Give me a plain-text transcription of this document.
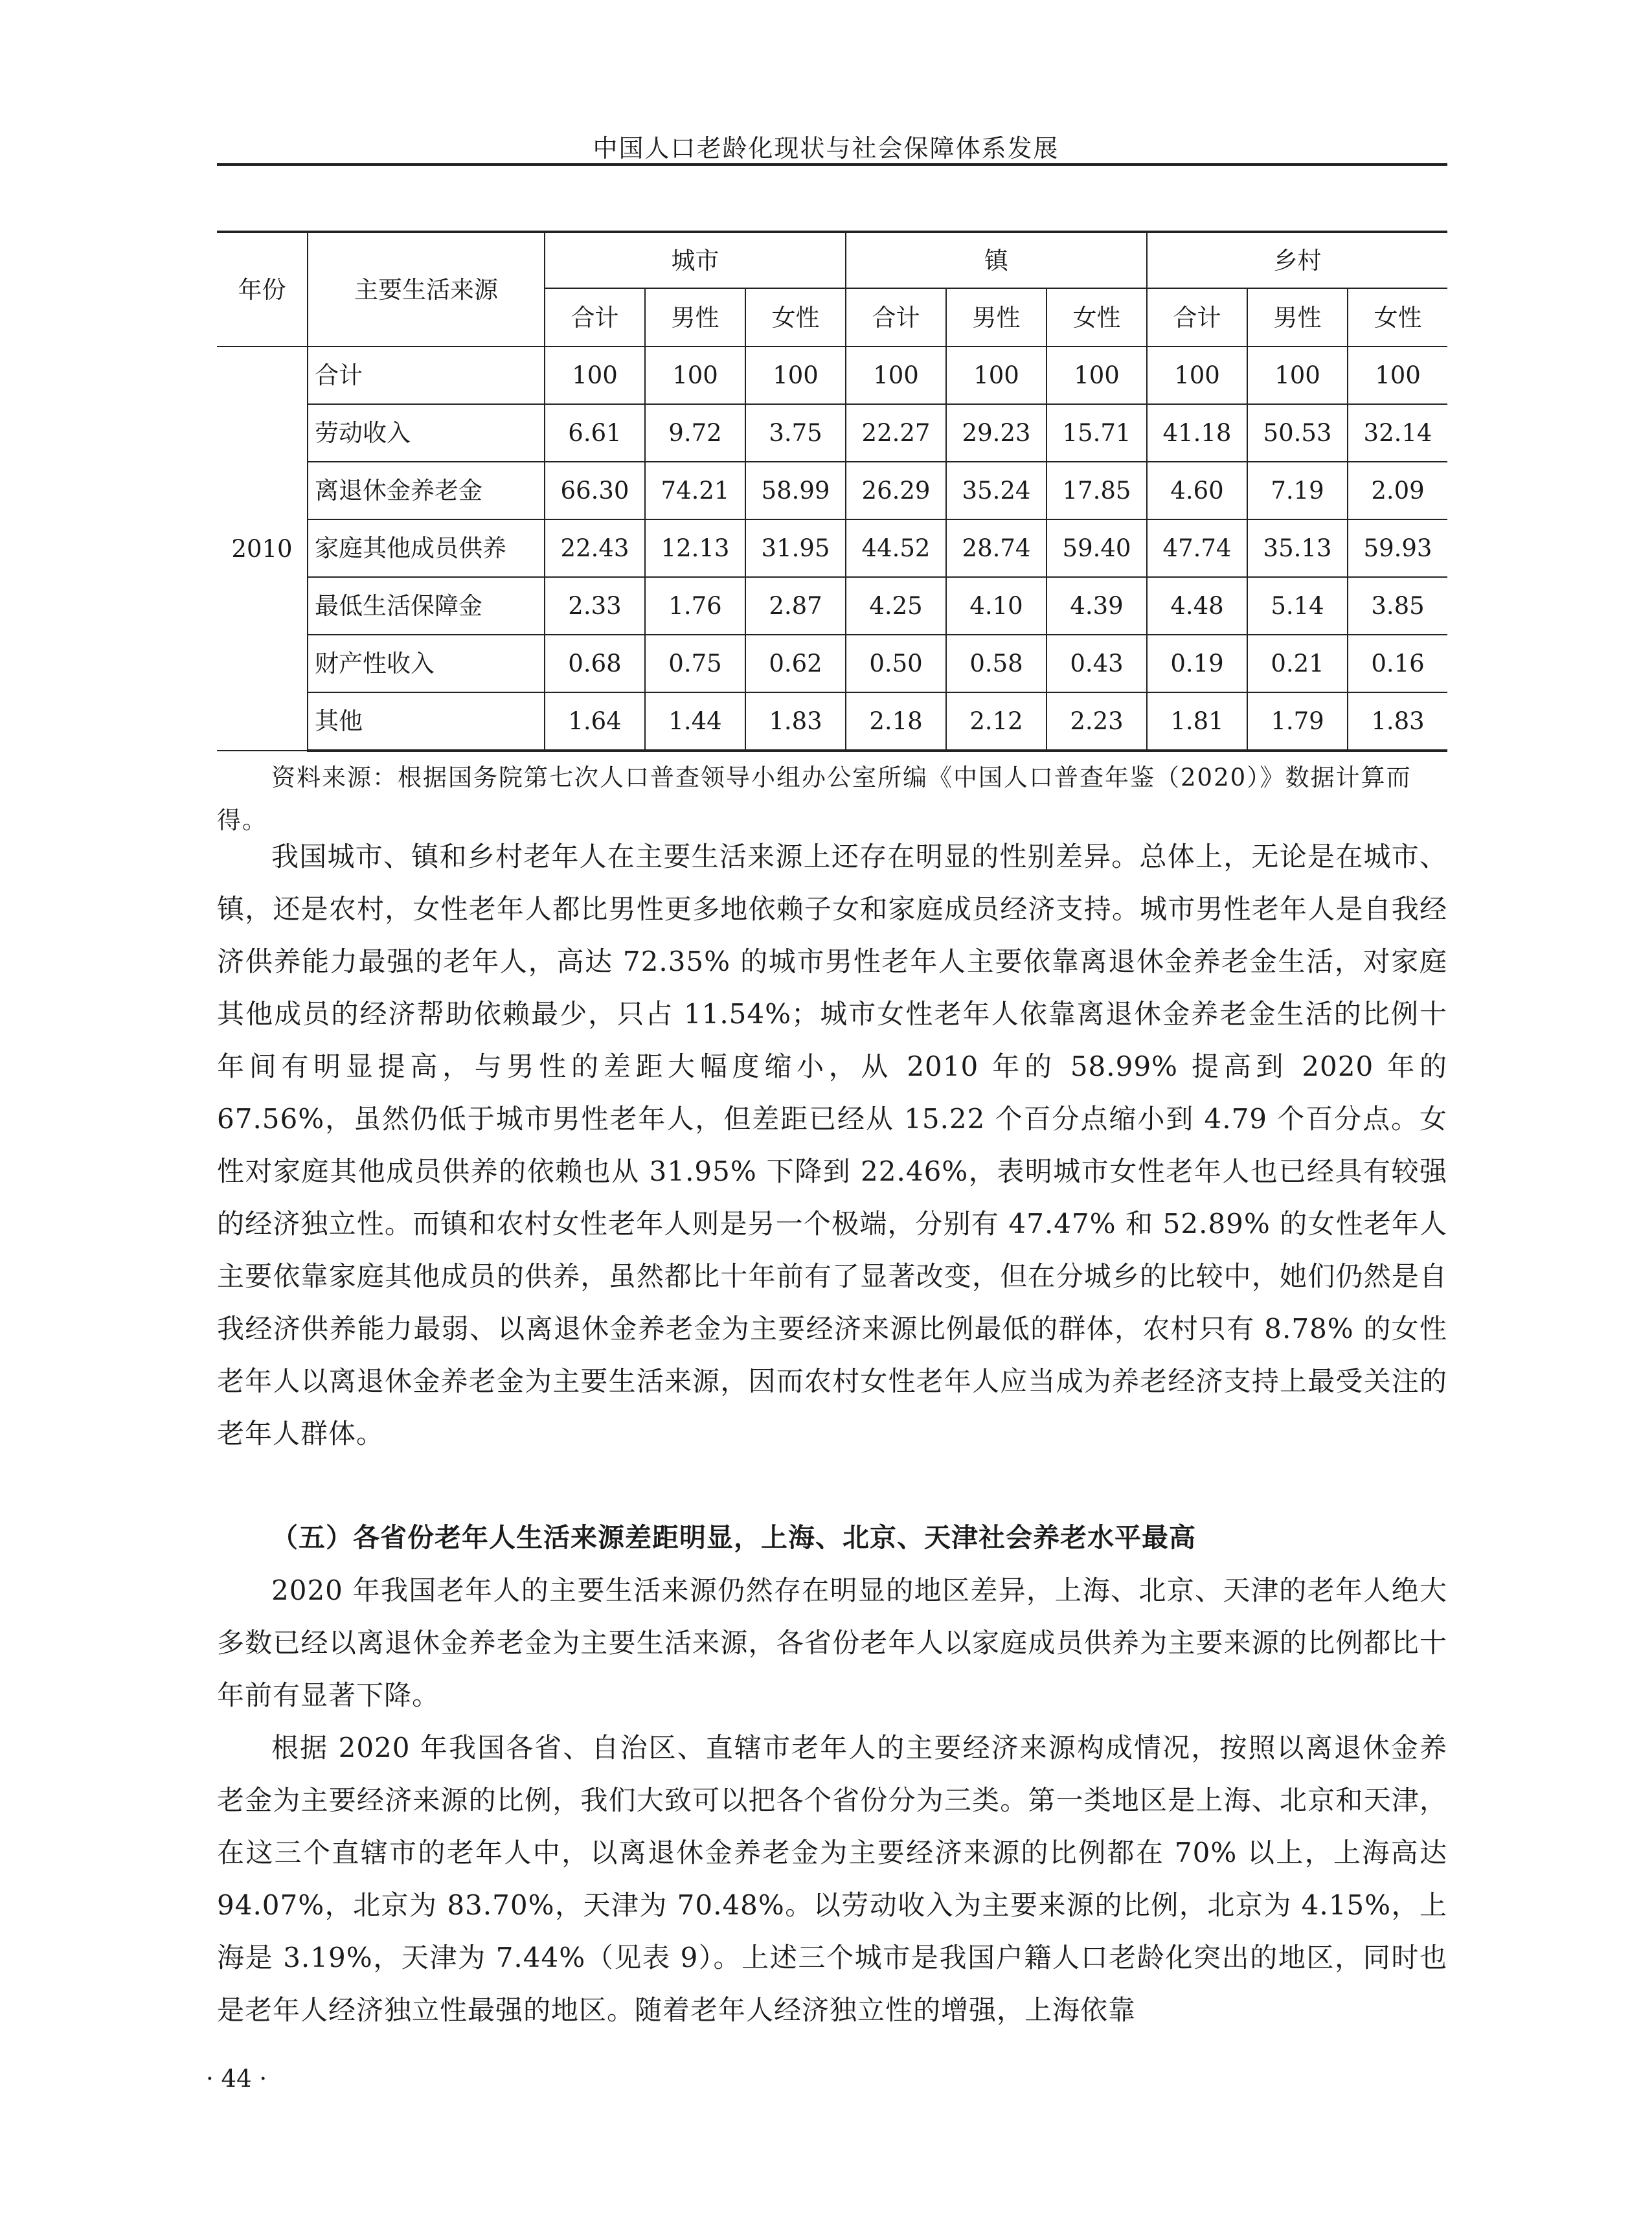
中国人口老龄化现状与社会保障体系发展
年份	主要生活来源	城市			镇			乡村		
		合计	男性	女性	合计	男性	女性	合计	男性	女性
2010	合计	100	100	100	100	100	100	100	100	100
	劳动收入	6.61	9.72	3.75	22.27	29.23	15.71	41.18	50.53	32.14
	离退休金养老金	66.30	74.21	58.99	26.29	35.24	17.85	4.60	7.19	2.09
	家庭其他成员供养	22.43	12.13	31.95	44.52	28.74	59.40	47.74	35.13	59.93
	最低生活保障金	2.33	1.76	2.87	4.25	4.10	4.39	4.48	5.14	3.85
	财产性收入	0.68	0.75	0.62	0.50	0.58	0.43	0.19	0.21	0.16
	其他	1.64	1.44	1.83	2.18	2.12	2.23	1.81	1.79	1.83

资料来源：根据国务院第七次人口普查领导小组办公室所编《中国人口普查年鉴（2020）》数据计算而得。

我国城市、镇和乡村老年人在主要生活来源上还存在明显的性别差异。总体上，无论是在城市、镇，还是农村，女性老年人都比男性更多地依赖子女和家庭成员经济支持。城市男性老年人是自我经济供养能力最强的老年人，高达 72.35% 的城市男性老年人主要依靠离退休金养老金生活，对家庭其他成员的经济帮助依赖最少，只占 11.54%；城市女性老年人依靠离退休金养老金生活的比例十年间有明显提高，与男性的差距大幅度缩小，从 2010 年的 58.99% 提高到 2020 年的 67.56%，虽然仍低于城市男性老年人，但差距已经从 15.22 个百分点缩小到 4.79 个百分点。女性对家庭其他成员供养的依赖也从 31.95% 下降到 22.46%，表明城市女性老年人也已经具有较强的经济独立性。而镇和农村女性老年人则是另一个极端，分别有 47.47% 和 52.89% 的女性老年人主要依靠家庭其他成员的供养，虽然都比十年前有了显著改变，但在分城乡的比较中，她们仍然是自我经济供养能力最弱、以离退休金养老金为主要经济来源比例最低的群体，农村只有 8.78% 的女性老年人以离退休金养老金为主要生活来源，因而农村女性老年人应当成为养老经济支持上最受关注的老年人群体。

（五）各省份老年人生活来源差距明显，上海、北京、天津社会养老水平最高

2020 年我国老年人的主要生活来源仍然存在明显的地区差异，上海、北京、天津的老年人绝大多数已经以离退休金养老金为主要生活来源，各省份老年人以家庭成员供养为主要来源的比例都比十年前有显著下降。

根据 2020 年我国各省、自治区、直辖市老年人的主要经济来源构成情况，按照以离退休金养老金为主要经济来源的比例，我们大致可以把各个省份分为三类。第一类地区是上海、北京和天津，在这三个直辖市的老年人中，以离退休金养老金为主要经济来源的比例都在 70% 以上，上海高达 94.07%，北京为 83.70%，天津为 70.48%。以劳动收入为主要来源的比例，北京为 4.15%，上海是 3.19%，天津为 7.44%（见表 9）。上述三个城市是我国户籍人口老龄化突出的地区，同时也是老年人经济独立性最强的地区。随着老年人经济独立性的增强，上海依靠

· 44 ·
